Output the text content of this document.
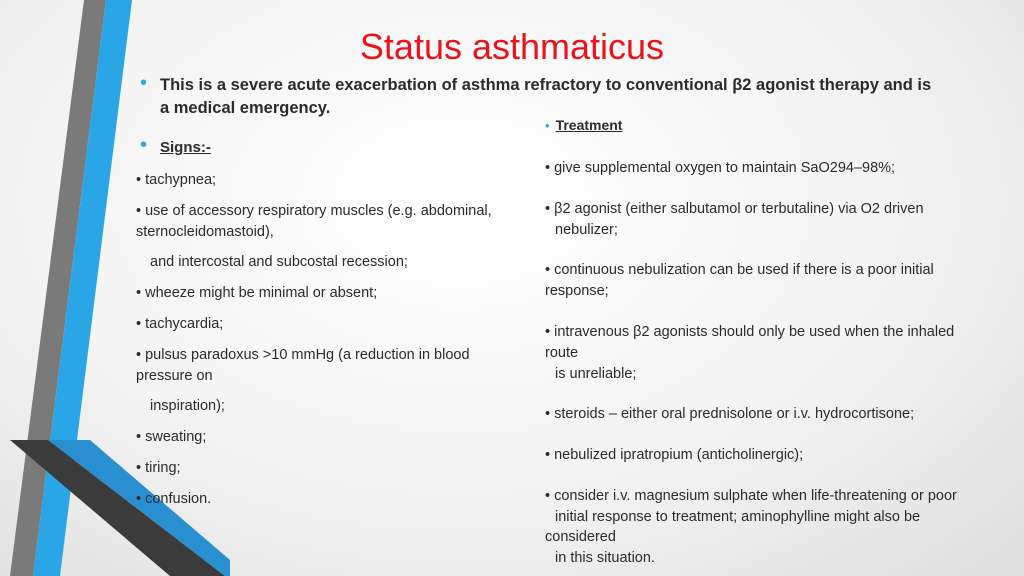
Status asthmaticus
• This is a severe acute exacerbation of asthma refractory to conventional β2 agonist therapy and is
a medical emergency.
• Signs:-
• tachypnea;
• use of accessory respiratory muscles (e.g. abdominal,
sternocleidomastoid),
and intercostal and subcostal recession;
• wheeze might be minimal or absent;
• tachycardia;
• pulsus paradoxus >10 mmHg (a reduction in blood
pressure on
inspiration);
• sweating;
• tiring;
• confusion.
• Treatment
• give supplemental oxygen to maintain SaO294–98%;
• β2 agonist (either salbutamol or terbutaline) via O2 driven
nebulizer;
• continuous nebulization can be used if there is a poor initial
response;
• intravenous β2 agonists should only be used when the inhaled
route
is unreliable;
• steroids – either oral prednisolone or i.v. hydrocortisone;
• nebulized ipratropium (anticholinergic);
• consider i.v. magnesium sulphate when life-threatening or poor
initial response to treatment; aminophylline might also be
considered
in this situation.
